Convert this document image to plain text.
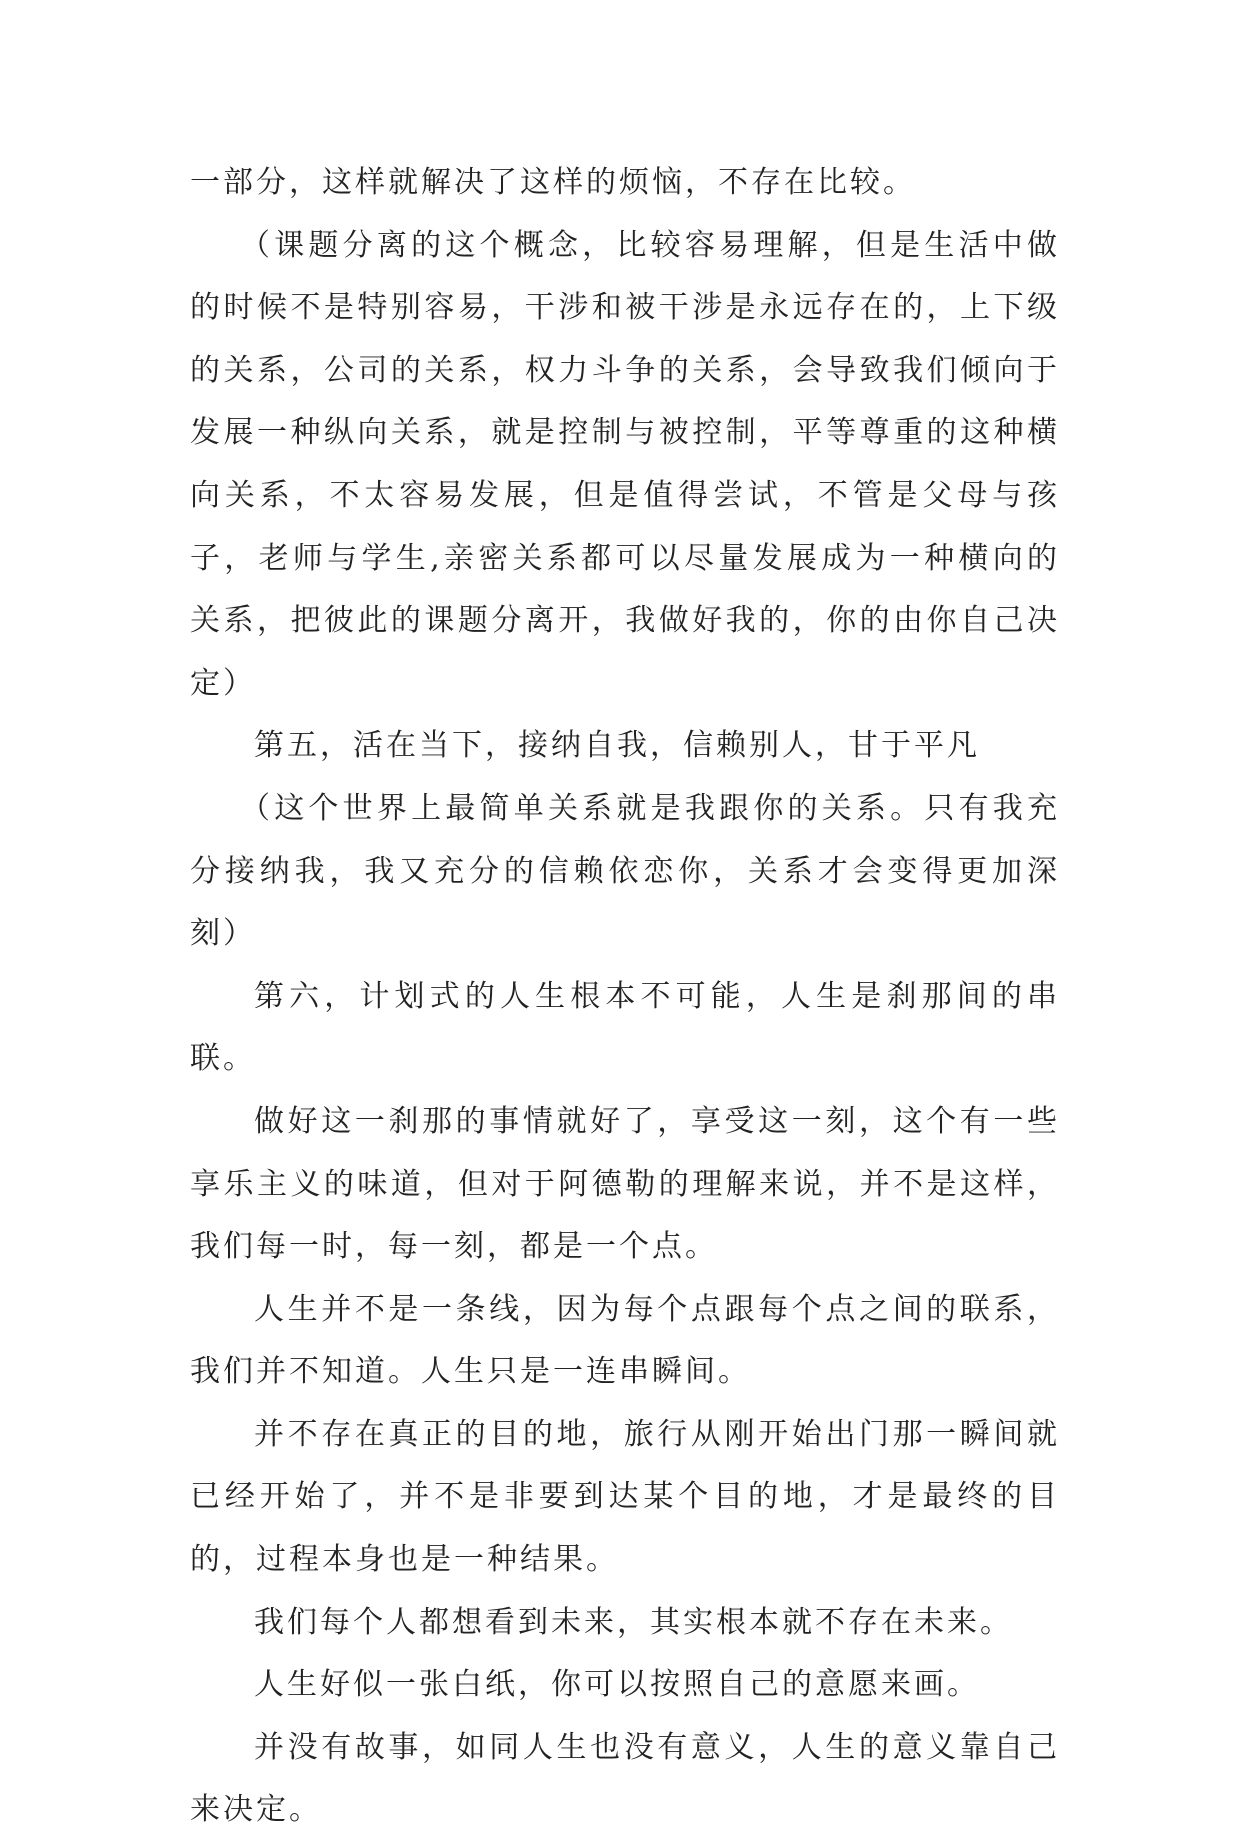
一部分，这样就解决了这样的烦恼，不存在比较。

（课题分离的这个概念，比较容易理解，但是生活中做的时候不是特别容易，干涉和被干涉是永远存在的，上下级的关系，公司的关系，权力斗争的关系，会导致我们倾向于发展一种纵向关系，就是控制与被控制，平等尊重的这种横向关系，不太容易发展，但是值得尝试，不管是父母与孩子，老师与学生,亲密关系都可以尽量发展成为一种横向的关系，把彼此的课题分离开，我做好我的，你的由你自己决定）

第五，活在当下，接纳自我，信赖别人，甘于平凡

（这个世界上最简单关系就是我跟你的关系。只有我充分接纳我，我又充分的信赖依恋你，关系才会变得更加深刻）

第六，计划式的人生根本不可能，人生是刹那间的串联。

做好这一刹那的事情就好了，享受这一刻，这个有一些享乐主义的味道，但对于阿德勒的理解来说，并不是这样，我们每一时，每一刻，都是一个点。

人生并不是一条线，因为每个点跟每个点之间的联系，我们并不知道。人生只是一连串瞬间。

并不存在真正的目的地，旅行从刚开始出门那一瞬间就已经开始了，并不是非要到达某个目的地，才是最终的目的，过程本身也是一种结果。

我们每个人都想看到未来，其实根本就不存在未来。

人生好似一张白纸，你可以按照自己的意愿来画。

并没有故事，如同人生也没有意义，人生的意义靠自己来决定。
